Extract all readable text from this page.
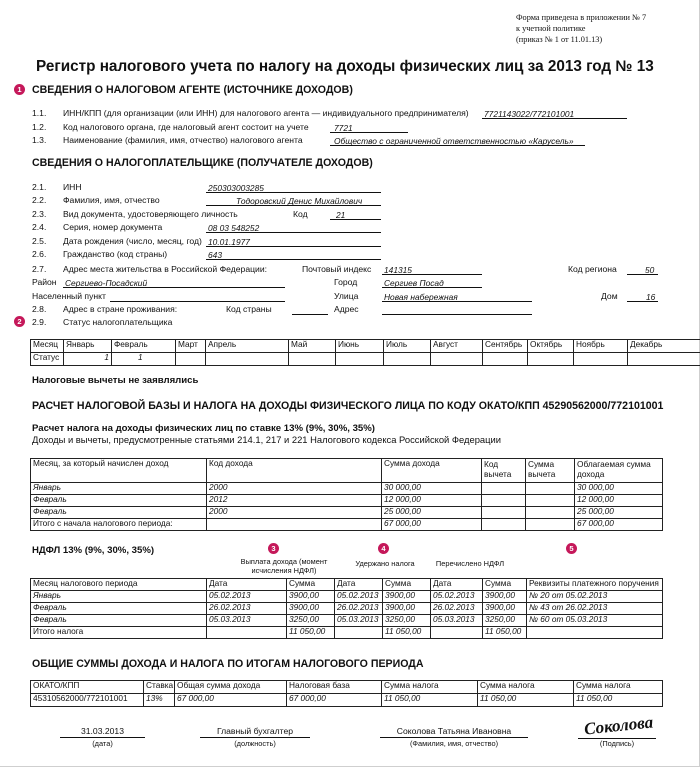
Форма приведена в приложении № 7
к учетной политике
(приказ № 1 от 11.01.13)
Регистр налогового учета по налогу на доходы физических лиц за 2013 год № 13
1 СВЕДЕНИЯ О НАЛОГОВОМ АГЕНТЕ (ИСТОЧНИКЕ ДОХОДОВ)
1.1. ИНН/КПП (для организации (или ИНН) для налогового агента — индивидуального предпринимателя) 7721143022/772101001
1.2. Код налогового органа, где налоговый агент состоит на учете	7721
1.3. Наименование (фамилия, имя, отчество) налогового агента	Общество с ограниченной ответственностью «Карусель»
СВЕДЕНИЯ О НАЛОГОПЛАТЕЛЬЩИКЕ (ПОЛУЧАТЕЛЕ ДОХОДОВ)
2.1. ИНН	250303003285
2.2. Фамилия, имя, отчество	Тодоровский Денис Михайлович
2.3. Вид документа, удостоверяющего личность	Код	21
2.4. Серия, номер документа	08 03 548252
2.5. Дата рождения (число, месяц, год) 10.01.1977
2.6. Гражданство (код страны)	643
2.7. Адрес места жительства в Российской Федерации:	Почтовый индекс 141315	Код региона	50
Район Сергиево-Посадский	Город	Сергиев Посад
Населенный пункт	Улица	Новая набережная	Дом	16
2.8. Адрес в стране проживания:	Код страны	Адрес
2	2.9. Статус налогоплательщика
Месяц	Январь	Февраль	Март	Апрель	Май	Июнь	Июль	Август	Сентябрь	Октябрь	Ноябрь	Декабрь
Статус	1	1										
Налоговые вычеты не заявлялись
РАСЧЕТ НАЛОГОВОЙ БАЗЫ И НАЛОГА НА ДОХОДЫ ФИЗИЧЕСКОГО ЛИЦА ПО КОДУ ОКАТО/КПП 45290562000/772101001
Расчет налога на доходы физических лиц по ставке 13% (9%, 30%, 35%)
Доходы и вычеты, предусмотренные статьями 214.1, 217 и 221 Налогового кодекса Российской Федерации
Месяц, за который начислен доход	Код дохода	Сумма дохода	Код вычета	Сумма вычета	Облагаемая сумма дохода
Январь	2000	30 000,00			30 000,00
Февраль	2012	12 000,00			12 000,00
Февраль	2000	25 000,00			25 000,00
Итого с начала налогового периода:		67 000,00			67 000,00
НДФЛ 13% (9%, 30%, 35%)	3	4	5
Выплата дохода (момент исчисления НДФЛ)
Удержано налога	Перечислено НДФЛ
Месяц налогового периода	Дата	Сумма	Дата	Сумма	Дата	Сумма	Реквизиты платежного поручения
Январь	05.02.2013	3900,00	05.02.2013	3900,00	05.02.2013	3900,00	№ 20 от 05.02.2013
Февраль	26.02.2013	3900,00	26.02.2013	3900,00	26.02.2013	3900,00	№ 43 от 26.02.2013
Февраль	05.03.2013	3250,00	05.03.2013	3250,00	05.03.2013	3250,00	№ 60 от 05.03.2013
Итого налога		11 050,00		11 050,00		11 050,00	
ОБЩИЕ СУММЫ ДОХОДА И НАЛОГА ПО ИТОГАМ НАЛОГОВОГО ПЕРИОДА
ОКАТО/КПП	Ставка	Общая сумма дохода	Налоговая база	Сумма налога	Сумма налога	Сумма налога
45310562000/772101001	13%	67 000,00	67 000,00	11 050,00	11 050,00	11 050,00
31.03.2013
(дата)
Главный бухгалтер
(должность)
Соколова Татьяна Ивановна
(Фамилия, имя, отчество)
Соколова
(Подпись)
